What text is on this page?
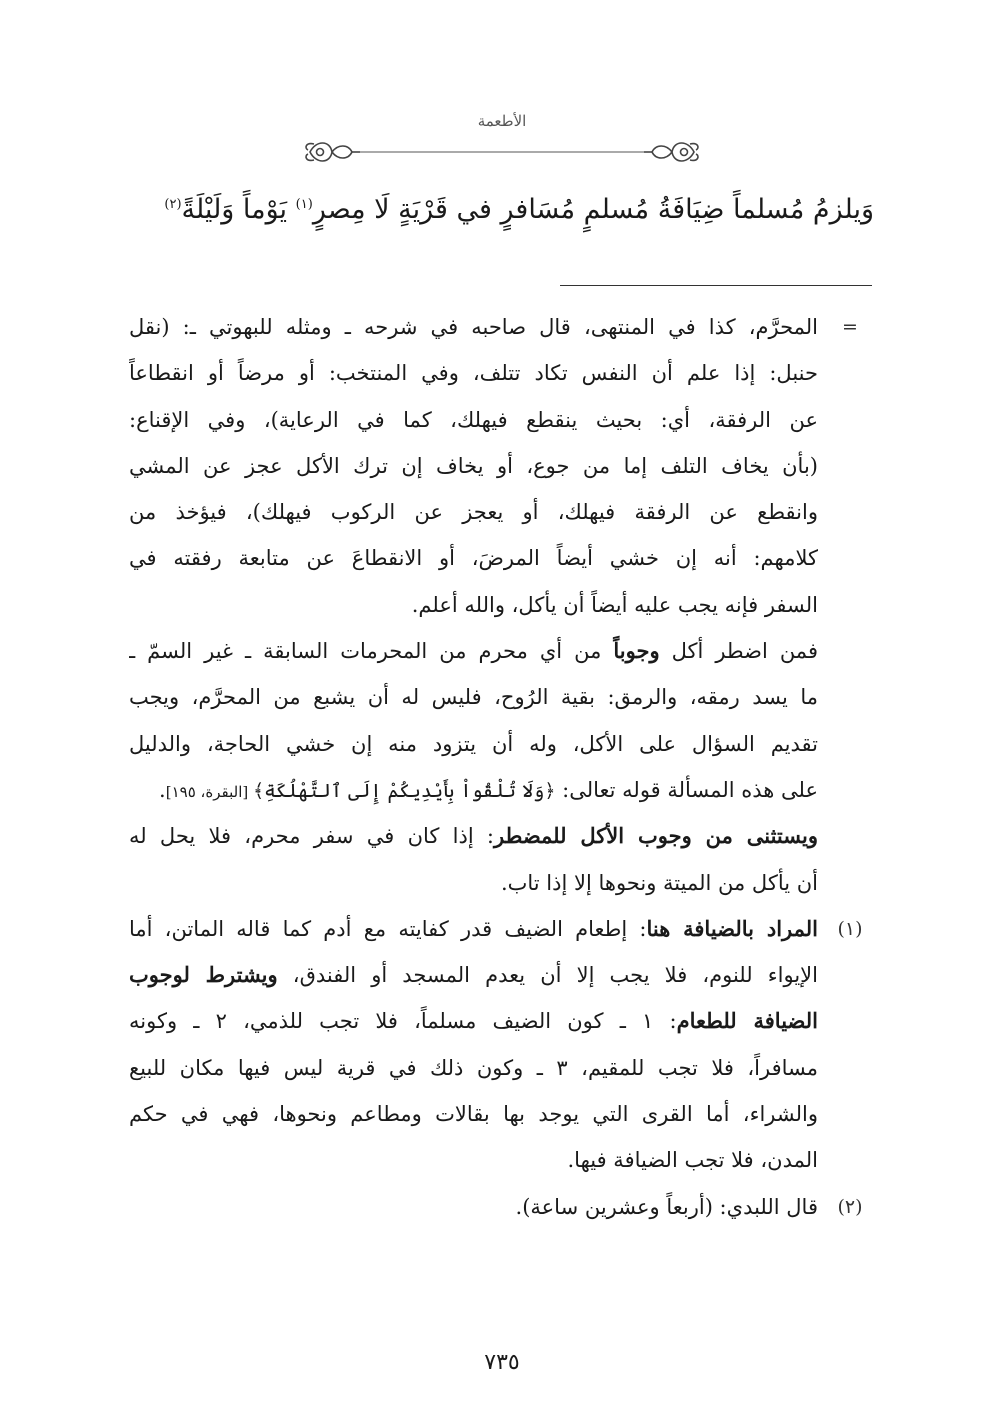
الأطعمة
وَيلزمُ مُسلماً ضِيَافَةُ مُسلمٍ مُسَافرٍ في قَرْيَةٍ لَا مِصرٍ$^{(١)}$ يَوْماً وَلَيْلَةً$^{(٢)}$
=
المحرَّم، كذا في المنتهى، قال صاحبه في شرحه ـ ومثله للبهوتي ـ: (نقل
حنبل: إذا علم أن النفس تكاد تتلف، وفي المنتخب: أو مرضاً أو انقطاعاً
عن الرفقة، أي: بحيث ينقطع فيهلك، كما في الرعاية)، وفي الإقناع:
(بأن يخاف التلف إما من جوع، أو يخاف إن ترك الأكل عجز عن المشي
وانقطع عن الرفقة فيهلك، أو يعجز عن الركوب فيهلك)، فيؤخذ من
كلامهم: أنه إن خشي أيضاً المرضَ، أو الانقطاعَ عن متابعة رفقته في
السفر فإنه يجب عليه أيضاً أن يأكل، والله أعلم.
فمن اضطر أكل وجوباً من أي محرم من المحرمات السابقة ـ غير السمّ ـ
ما يسد رمقه، والرمق: بقية الرُوح، فليس له أن يشبع من المحرَّم، ويجب
تقديم السؤال على الأكل، وله أن يتزود منه إن خشي الحاجة، والدليل
على هذه المسألة قوله تعالى: ﴿وَلَا تُلْقُواْ بِأَيْدِيكُمْ إِلَى ٱلتَّهْلُكَةِ﴾ [البقرة، ١٩٥].
ويستثنى من وجوب الأكل للمضطر: إذا كان في سفر محرم، فلا يحل له
أن يأكل من الميتة ونحوها إلا إذا تاب.
(١)
المراد بالضيافة هنا: إطعام الضيف قدر كفايته مع أدم كما قاله الماتن، أما
الإيواء للنوم، فلا يجب إلا أن يعدم المسجد أو الفندق، ويشترط لوجوب
الضيافة للطعام: ١ ـ كون الضيف مسلماً، فلا تجب للذمي، ٢ ـ وكونه
مسافراً، فلا تجب للمقيم، ٣ ـ وكون ذلك في قرية ليس فيها مكان للبيع
والشراء، أما القرى التي يوجد بها بقالات ومطاعم ونحوها، فهي في حكم
المدن، فلا تجب الضيافة فيها.
(٢)
قال اللبدي: (أربعاً وعشرين ساعة).
٧٣٥
